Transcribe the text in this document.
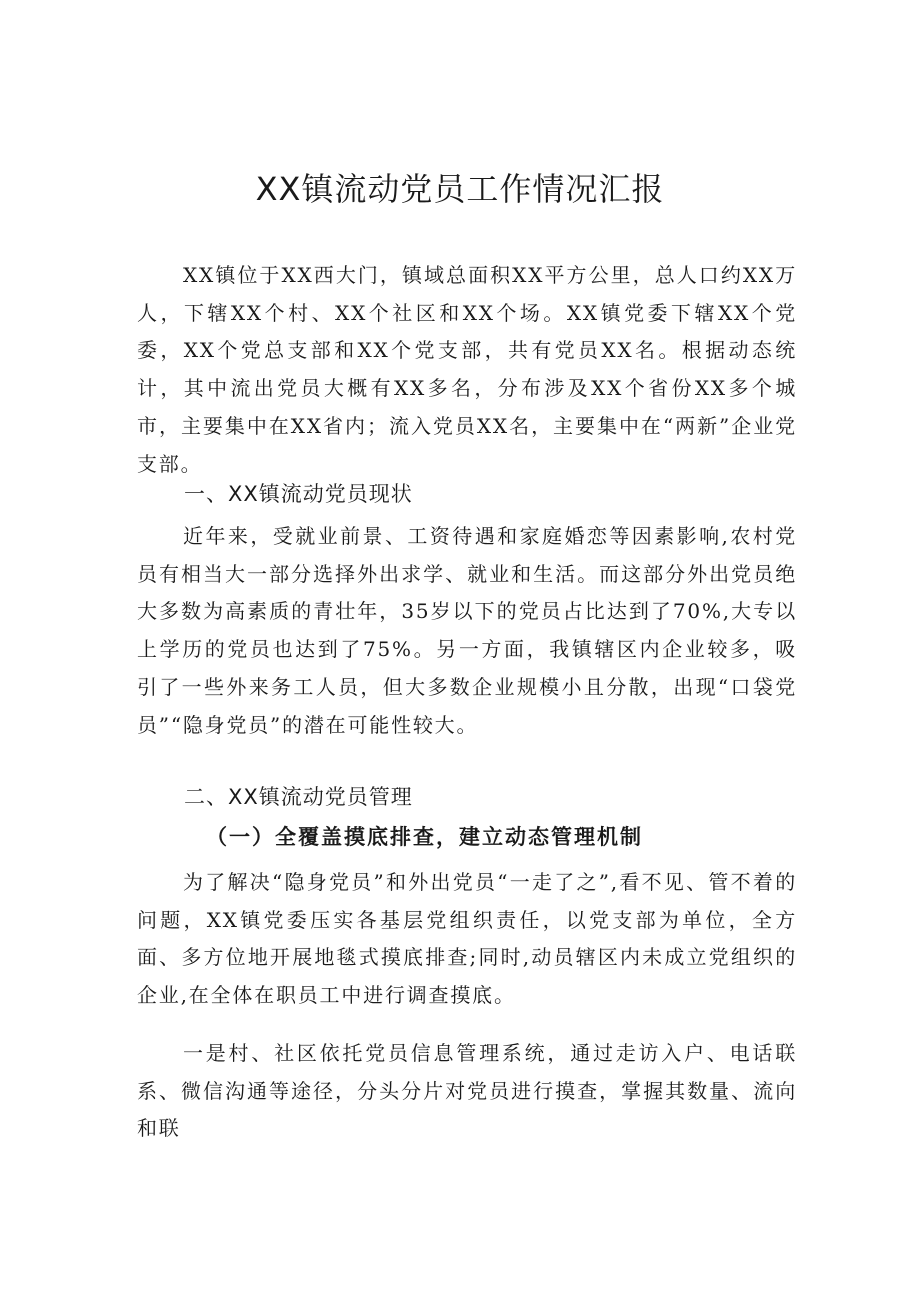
XX镇流动党员工作情况汇报

XX镇位于XX西大门，镇域总面积XX平方公里，总人口约XX万人，下辖XX个村、XX个社区和XX个场。XX镇党委下辖XX个党委，XX个党总支部和XX个党支部，共有党员XX名。根据动态统计，其中流出党员大概有XX多名，分布涉及XX个省份XX多个城市，主要集中在XX省内；流入党员XX名，主要集中在“两新”企业党支部。

一、XX镇流动党员现状

近年来，受就业前景、工资待遇和家庭婚恋等因素影响,农村党员有相当大一部分选择外出求学、就业和生活。而这部分外出党员绝大多数为高素质的青壮年，35岁以下的党员占比达到了70%,大专以上学历的党员也达到了75%。另一方面，我镇辖区内企业较多，吸引了一些外来务工人员，但大多数企业规模小且分散，出现“口袋党员”“隐身党员”的潜在可能性较大。

二、XX镇流动党员管理
（一）全覆盖摸底排查，建立动态管理机制

为了解决“隐身党员”和外出党员“一走了之”,看不见、管不着的问题，XX镇党委压实各基层党组织责任，以党支部为单位，全方面、多方位地开展地毯式摸底排查;同时,动员辖区内未成立党组织的企业,在全体在职员工中进行调查摸底。

一是村、社区依托党员信息管理系统，通过走访入户、电话联系、微信沟通等途径，分头分片对党员进行摸查，掌握其数量、流向和联
